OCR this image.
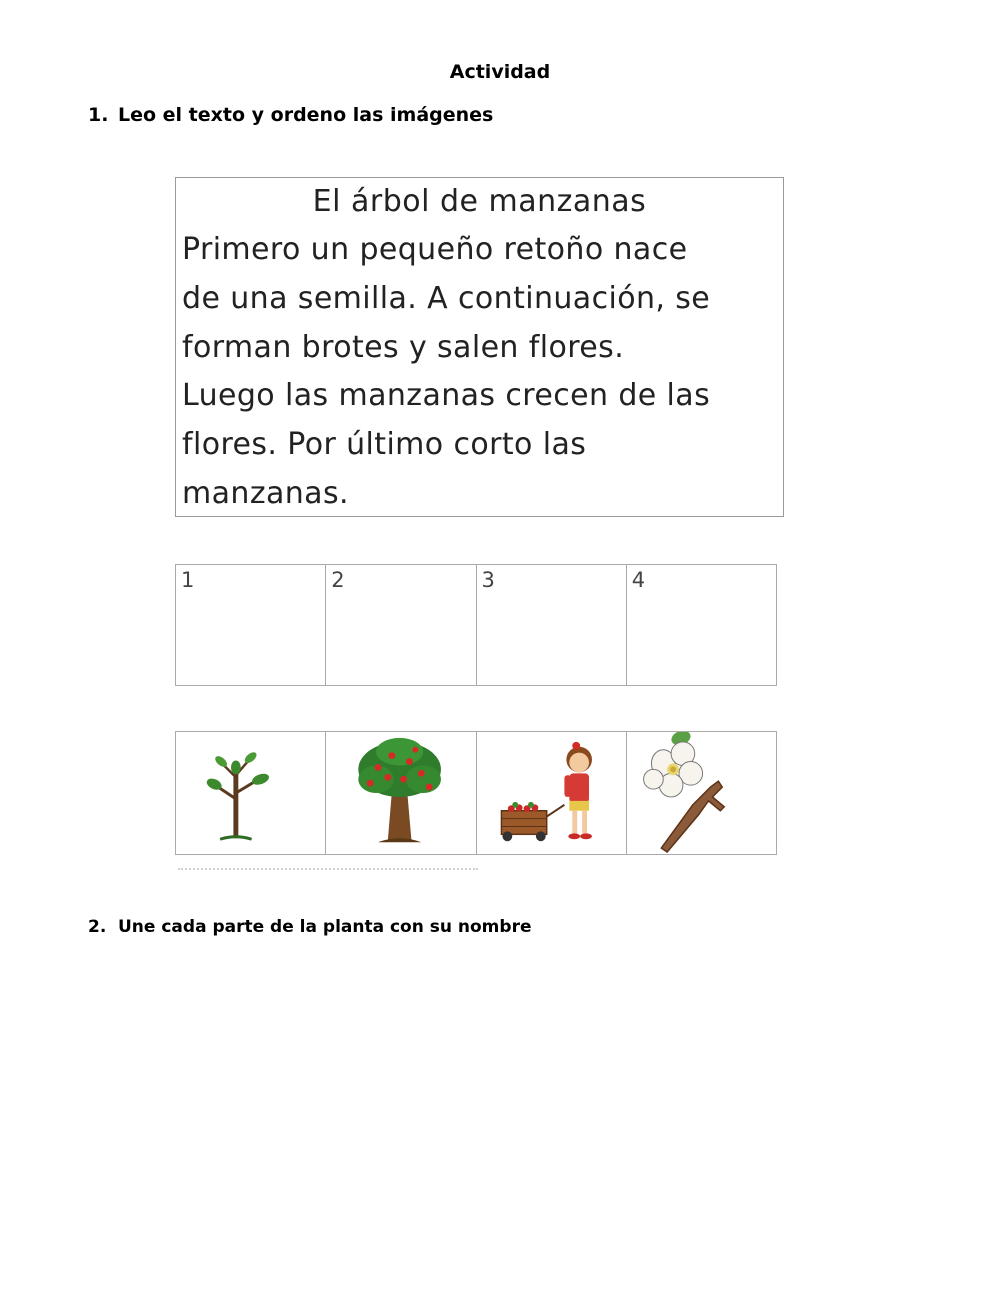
Actividad
1. Leo el texto y ordeno las imágenes
El árbol de manzanas
Primero un pequeño retoño nace
de una semilla. A continuación, se
forman brotes y salen flores.
Luego las manzanas crecen de las
flores. Por último corto las
manzanas.
1	2	3	4
2. Une cada parte de la planta con su nombre
